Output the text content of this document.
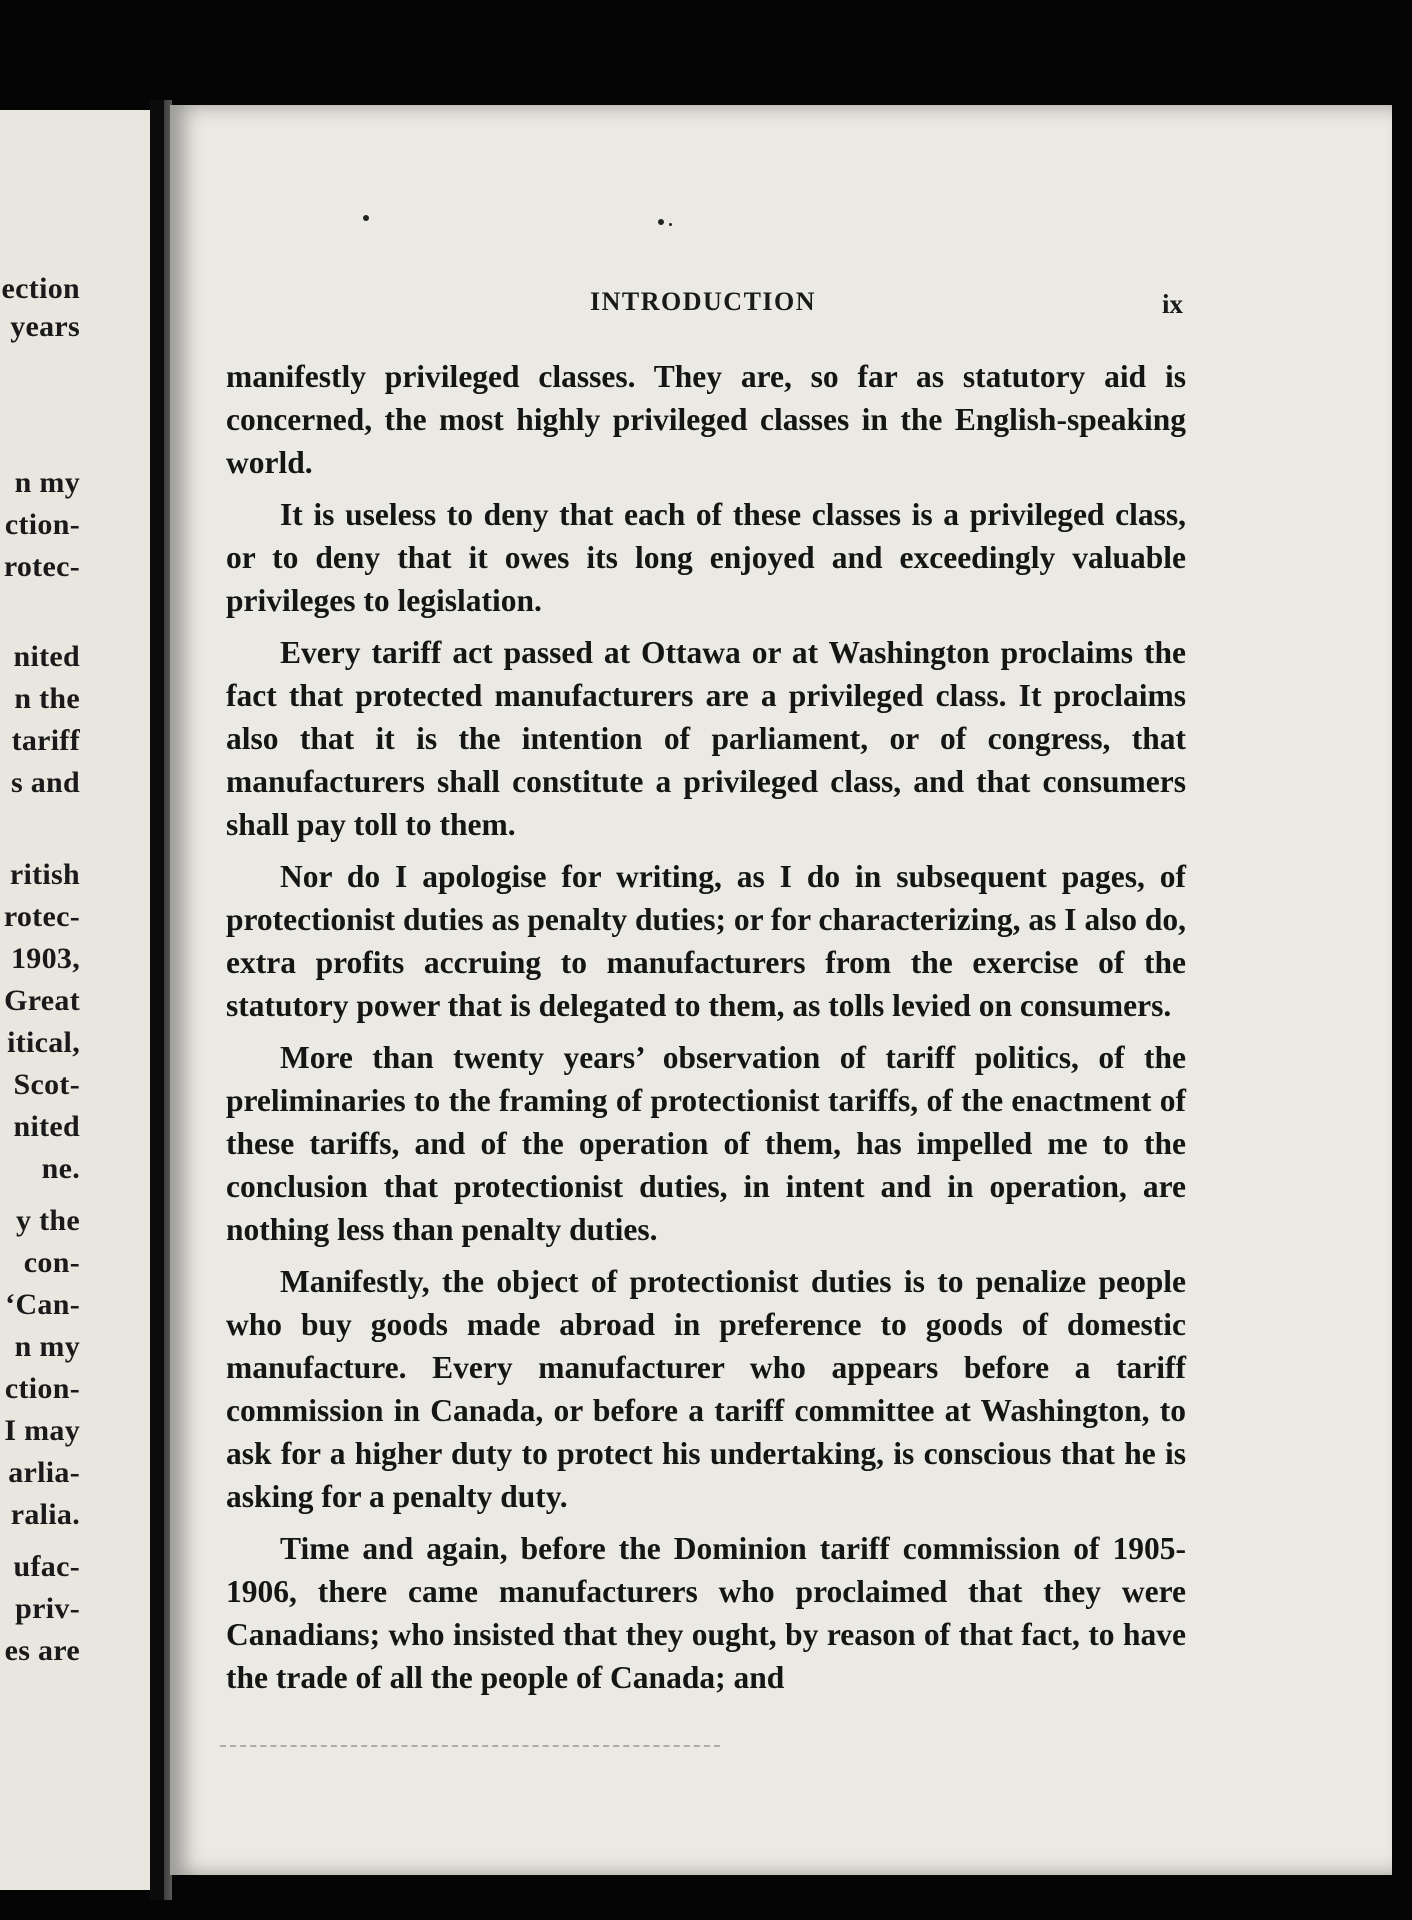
ection
years
n my
ction-
rotec-
nited
n the
tariff
s and
ritish
rotec-
1903,
Great
itical,
Scot-
nited
ne.
y the
con-
‘Can-
n my
ction-
I may
arlia-
ralia.
ufac-
priv-
es are
INTRODUCTION	ix

manifestly privileged classes. They are, so far as statutory aid is concerned, the most highly privileged classes in the English-speaking world.

It is useless to deny that each of these classes is a privileged class, or to deny that it owes its long enjoyed and exceedingly valuable privileges to legislation.

Every tariff act passed at Ottawa or at Washington proclaims the fact that protected manufacturers are a privileged class. It proclaims also that it is the intention of parliament, or of congress, that manufacturers shall constitute a privileged class, and that consumers shall pay toll to them.

Nor do I apologise for writing, as I do in subsequent pages, of protectionist duties as penalty duties; or for characterizing, as I also do, extra profits accruing to manufacturers from the exercise of the statutory power that is delegated to them, as tolls levied on consumers.

More than twenty years’ observation of tariff politics, of the preliminaries to the framing of protectionist tariffs, of the enactment of these tariffs, and of the operation of them, has impelled me to the conclusion that protectionist duties, in intent and in operation, are nothing less than penalty duties.

Manifestly, the object of protectionist duties is to penalize people who buy goods made abroad in preference to goods of domestic manufacture. Every manufacturer who appears before a tariff commission in Canada, or before a tariff committee at Washington, to ask for a higher duty to protect his undertaking, is conscious that he is asking for a penalty duty.

Time and again, before the Dominion tariff commission of 1905-1906, there came manufacturers who proclaimed that they were Canadians; who insisted that they ought, by reason of that fact, to have the trade of all the people of Canada; and
